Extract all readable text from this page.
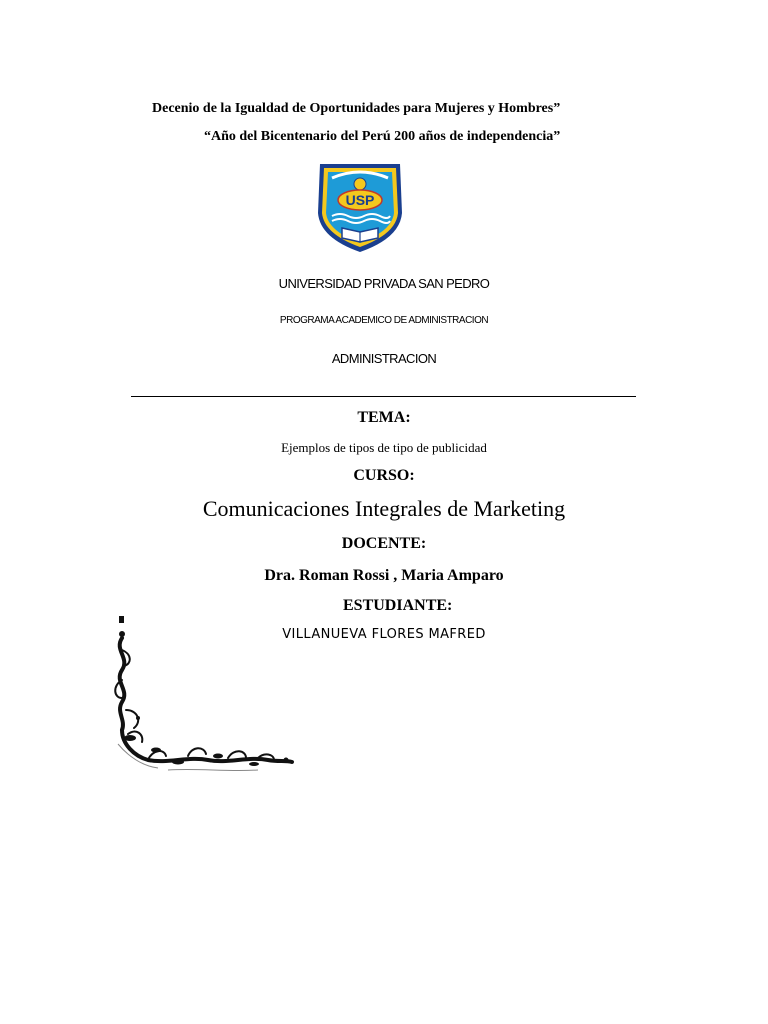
Decenio de la Igualdad de Oportunidades para Mujeres y Hombres”
“Año del Bicentenario del Perú 200 años de independencia”
USP
UNIVERSIDAD PRIVADA SAN PEDRO
PROGRAMA ACADEMICO DE ADMINISTRACION
ADMINISTRACION
TEMA:
Ejemplos de tipos de tipo de publicidad
CURSO:
Comunicaciones Integrales de Marketing
DOCENTE:
Dra. Roman Rossi , Maria Amparo
ESTUDIANTE:
VILLANUEVA FLORES MAFRED
